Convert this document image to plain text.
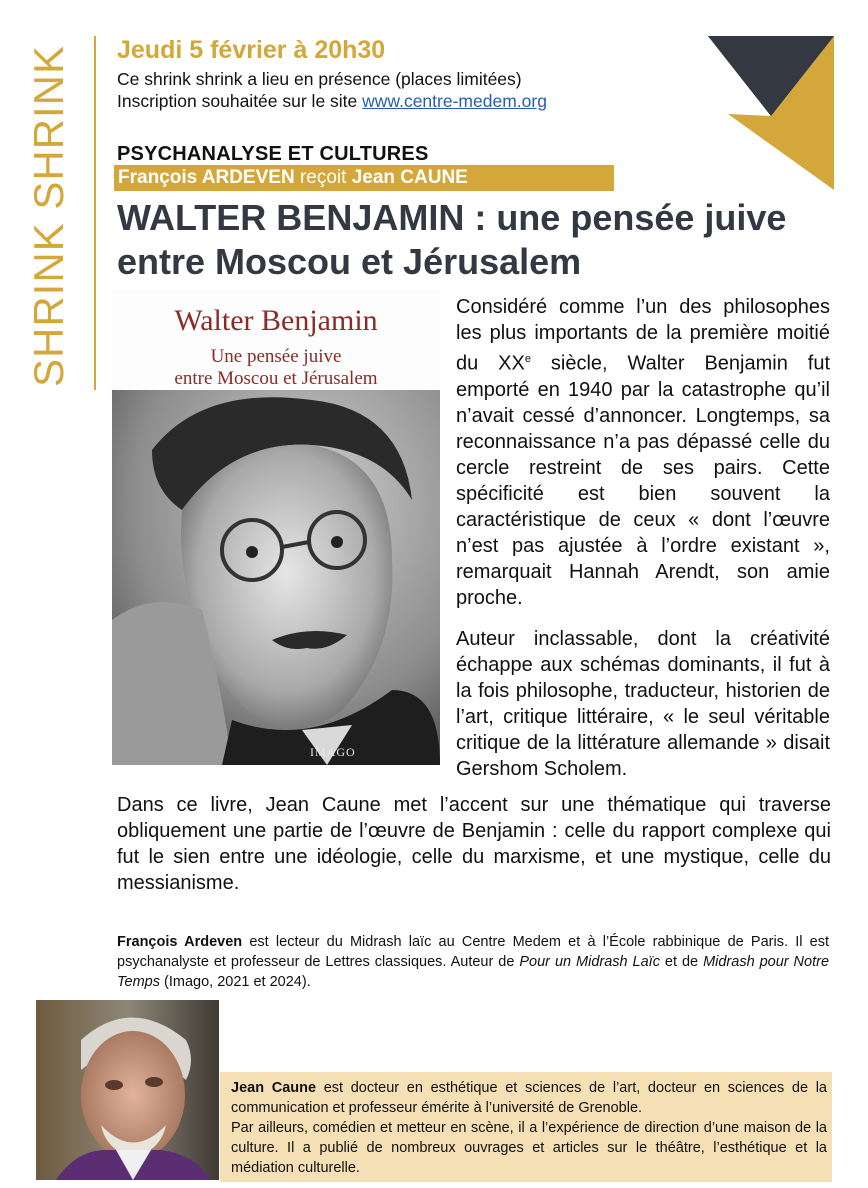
SHRINK SHRINK Jeudi 5 février à 20h30
Ce shrink shrink a lieu en présence (places limitées)
Inscription souhaitée sur le site www.centre-medem.org
PSYCHANALYSE ET CULTURES
François ARDEVEN reçoit Jean CAUNE
WALTER BENJAMIN : une pensée juive
entre Moscou et Jérusalem
Walter Benjamin
Une pensée juive
entre Moscou et Jérusalem
IMAGO
Considéré comme l’un des philosophes les plus importants de la première moitié du XXe siècle, Walter Benjamin fut emporté en 1940 par la catastrophe qu’il n’avait cessé d’annoncer. Longtemps, sa reconnaissance n’a pas dépassé celle du cercle restreint de ses pairs. Cette spécificité est bien souvent la caractéristique de ceux « dont l’œuvre n’est pas ajustée à l’ordre existant », remarquait Hannah Arendt, son amie proche.
Auteur inclassable, dont la créativité échappe aux schémas dominants, il fut à la fois philosophe, traducteur, historien de l’art, critique littéraire, « le seul véritable critique de la littérature allemande » disait Gershom Scholem.
Dans ce livre, Jean Caune met l’accent sur une thématique qui traverse obliquement une partie de l’œuvre de Benjamin : celle du rapport complexe qui fut le sien entre une idéologie, celle du marxisme, et une mystique, celle du messianisme.
François Ardeven est lecteur du Midrash laïc au Centre Medem et à l’École rabbinique de Paris. Il est psychanalyste et professeur de Lettres classiques. Auteur de Pour un Midrash Laïc et de Midrash pour Notre Temps (Imago, 2021 et 2024).
Jean Caune est docteur en esthétique et sciences de l’art, docteur en sciences de la communication et professeur émérite à l’université de Grenoble.
Par ailleurs, comédien et metteur en scène, il a l’expérience de direction d’une maison de la culture. Il a publié de nombreux ouvrages et articles sur le théâtre, l’esthétique et la médiation culturelle.
